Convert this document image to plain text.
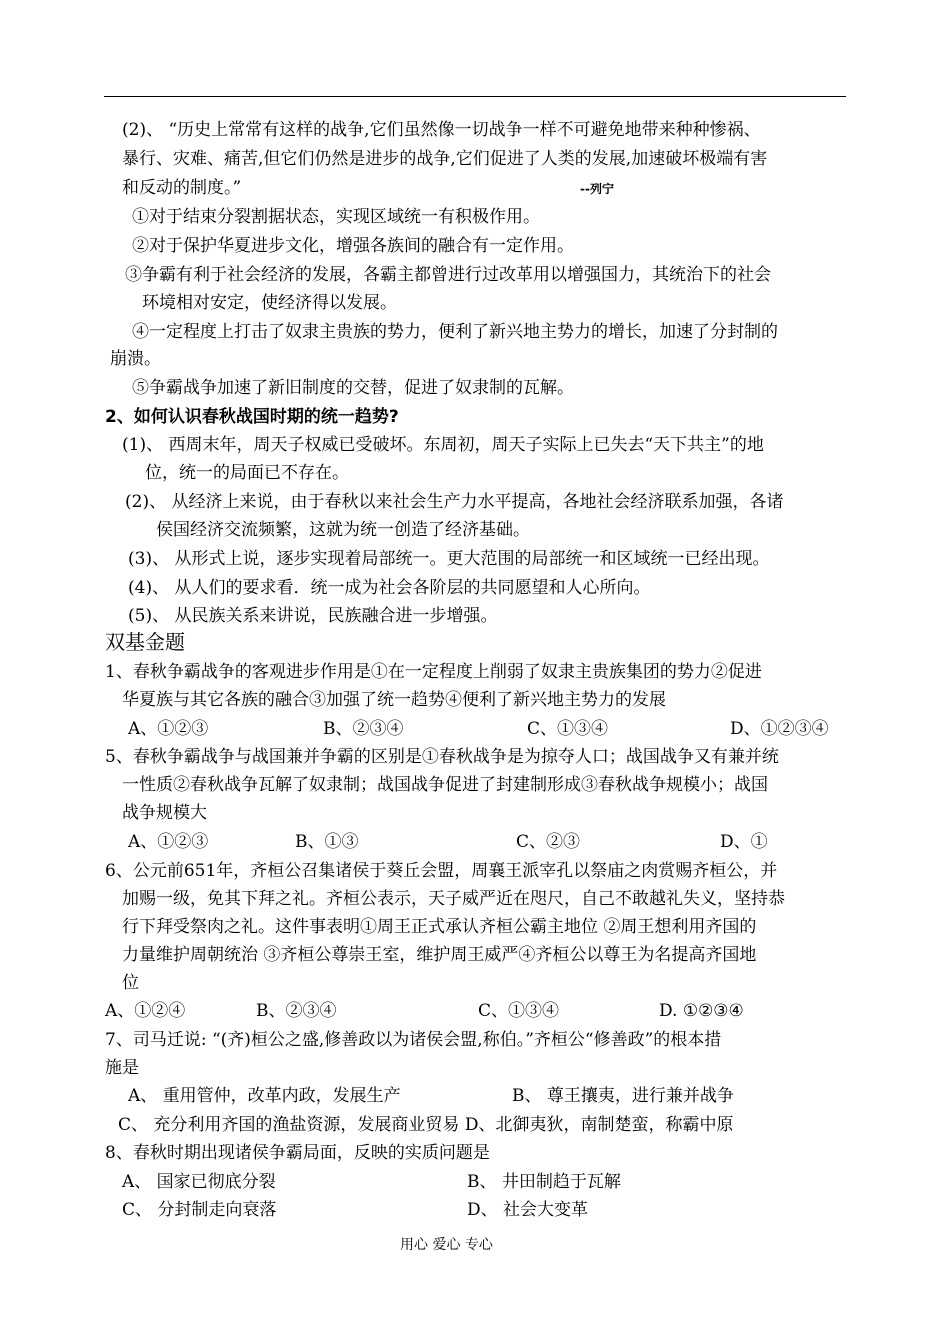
(2)、 “历史上常常有这样的战争,它们虽然像一切战争一样不可避免地带来种种惨祸、
暴行、灾难、痛苦,但它们仍然是进步的战争,它们促进了人类的发展,加速破坏极端有害
和反动的制度。”	--列宁
①对于结束分裂割据状态，实现区域统一有积极作用。
②对于保护华夏进步文化，增强各族间的融合有一定作用。
③争霸有利于社会经济的发展，各霸主都曾进行过改革用以增强国力，其统治下的社会
环境相对安定，使经济得以发展。
④一定程度上打击了奴隶主贵族的势力，便利了新兴地主势力的增长，加速了分封制的
崩溃。
⑤争霸战争加速了新旧制度的交替，促进了奴隶制的瓦解。
2、如何认识春秋战国时期的统一趋势?
(1)、 西周末年，周天子权威已受破坏。东周初，周天子实际上已失去“天下共主”的地
位，统一的局面已不存在。
(2)、 从经济上来说，由于春秋以来社会生产力水平提高，各地社会经济联系加强，各诸
侯国经济交流频繁，这就为统一创造了经济基础。
(3)、 从形式上说，逐步实现着局部统一。更大范围的局部统一和区域统一已经出现。
(4)、 从人们的要求看．统一成为社会各阶层的共同愿望和人心所向。
(5)、 从民族关系来讲说，民族融合进一步增强。
双基金题
1、春秋争霸战争的客观进步作用是①在一定程度上削弱了奴隶主贵族集团的势力②促进
华夏族与其它各族的融合③加强了统一趋势④便利了新兴地主势力的发展
A、①②③	B、②③④	C、①③④	D、①②③④
5、春秋争霸战争与战国兼并争霸的区别是①春秋战争是为掠夺人口；战国战争又有兼并统
一性质②春秋战争瓦解了奴隶制；战国战争促进了封建制形成③春秋战争规模小；战国
战争规模大
A、①②③	B、①③	C、②③	D、①
6、公元前651年，齐桓公召集诸侯于葵丘会盟，周襄王派宰孔以祭庙之肉赏赐齐桓公，并
加赐一级，免其下拜之礼。齐桓公表示，天子威严近在咫尺，自己不敢越礼失义，坚持恭
行下拜受祭肉之礼。这件事表明①周王正式承认齐桓公霸主地位 ②周王想利用齐国的
力量维护周朝统治 ③齐桓公尊崇王室，维护周王威严④齐桓公以尊王为名提高齐国地
位
A、①②④	B、②③④	C、①③④	D. ①②③④
7、司马迁说: “(齐)桓公之盛,修善政以为诸侯会盟,称伯。”齐桓公“修善政”的根本措
施是
A、 重用管仲，改革内政，发展生产	B、 尊王攘夷，进行兼并战争
C、 充分利用齐国的渔盐资源，发展商业贸易 D、北御夷狄，南制楚蛮，称霸中原
8、春秋时期出现诸侯争霸局面，反映的实质问题是
A、 国家已彻底分裂	B、 井田制趋于瓦解
C、 分封制走向衰落	D、 社会大变革
用心 爱心 专心
